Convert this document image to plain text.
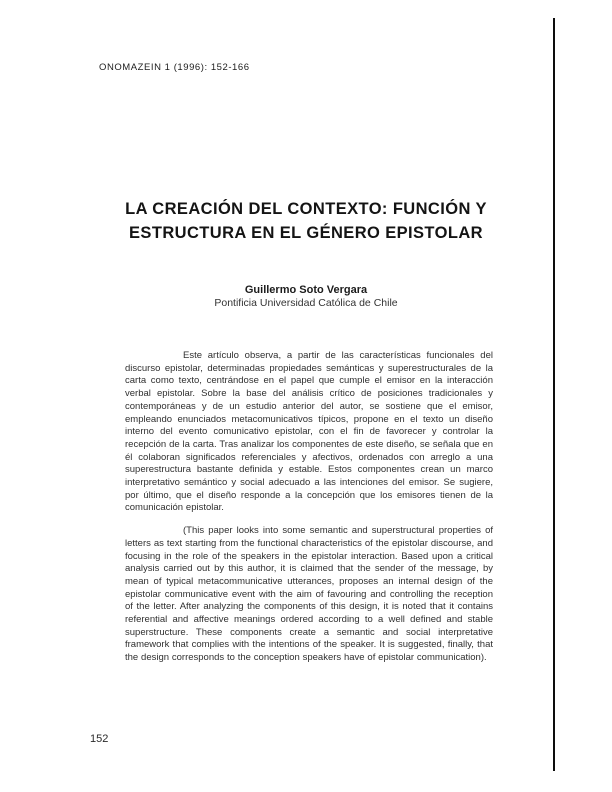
ONOMAZEIN 1 (1996): 152-166
LA CREACIÓN DEL CONTEXTO: FUNCIÓN Y
ESTRUCTURA EN EL GÉNERO EPISTOLAR
Guillermo Soto Vergara
Pontificia Universidad Católica de Chile

Este artículo observa, a partir de las características funcionales del discurso epistolar, determinadas propiedades semánticas y superestructurales de la carta como texto, centrándose en el papel que cumple el emisor en la interacción verbal epistolar. Sobre la base del análisis crítico de posiciones tradicionales y contemporáneas y de un estudio anterior del autor, se sostiene que el emisor, empleando enunciados metacomunicativos típicos, propone en el texto un diseño interno del evento comunicativo epistolar, con el fin de favorecer y controlar la recepción de la carta. Tras analizar los componentes de este diseño, se señala que en él colaboran significados referenciales y afectivos, ordenados con arreglo a una superestructura bastante definida y estable. Estos componentes crean un marco interpretativo semántico y social adecuado a las intenciones del emisor. Se sugiere, por último, que el diseño responde a la concepción que los emisores tienen de la comunicación epistolar.

(This paper looks into some semantic and superstructural properties of letters as text starting from the functional characteristics of the epistolar discourse, and focusing in the role of the speakers in the epistolar interaction. Based upon a critical analysis carried out by this author, it is claimed that the sender of the message, by mean of typical metacommunicative utterances, proposes an internal design of the epistolar communicative event with the aim of favouring and controlling the reception of the letter. After analyzing the components of this design, it is noted that it contains referential and affective meanings ordered according to a well defined and stable superstructure. These components create a semantic and social interpretative framework that complies with the intentions of the speaker. It is suggested, finally, that the design corresponds to the conception speakers have of epistolar communication).

152
